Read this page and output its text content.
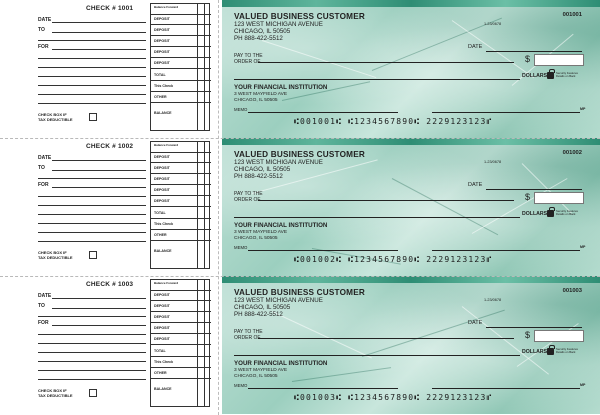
CHECK # 1001
DATE
TO
FOR
CHECK BOX IF
TAX DEDUCTIBLE
Balance Forward
DEPOSIT
DEPOSIT
DEPOSIT
DEPOSIT
DEPOSIT
TOTAL
This Check
OTHER
BALANCE
VALUED BUSINESS CUSTOMER
123 WEST MICHIGAN AVENUE
CHICAGO, IL 50505
PH 888-422-5512
1-23/0678
001001
DATE
PAY TO THE
ORDER OF	$
DOLLARS	Security Features Details on Back
YOUR FINANCIAL INSTITUTION
3 WEST MAYFIELD AVE
CHICAGO, IL 50505
MEMO	MP
⑆001001⑆ ⑆1234567890⑆ 2229123123⑈
CHECK # 1002
DATE
TO
FOR
CHECK BOX IF
TAX DEDUCTIBLE
Balance Forward
DEPOSIT
DEPOSIT
DEPOSIT
DEPOSIT
DEPOSIT
TOTAL
This Check
OTHER
BALANCE
VALUED BUSINESS CUSTOMER
123 WEST MICHIGAN AVENUE
CHICAGO, IL 50505
PH 888-422-5512
1-23/0678
001002
DATE
PAY TO THE
ORDER OF	$
DOLLARS	Security Features Details on Back
YOUR FINANCIAL INSTITUTION
3 WEST MAYFIELD AVE
CHICAGO, IL 50505
MEMO	MP
⑆001002⑆ ⑆1234567890⑆ 2229123123⑈
CHECK # 1003
DATE
TO
FOR
CHECK BOX IF
TAX DEDUCTIBLE
Balance Forward
DEPOSIT
DEPOSIT
DEPOSIT
DEPOSIT
DEPOSIT
TOTAL
This Check
OTHER
BALANCE
VALUED BUSINESS CUSTOMER
123 WEST MICHIGAN AVENUE
CHICAGO, IL 50505
PH 888-422-5512
1-23/0678
001003
DATE
PAY TO THE
ORDER OF	$
DOLLARS	Security Features Details on Back
YOUR FINANCIAL INSTITUTION
3 WEST MAYFIELD AVE
CHICAGO, IL 50505
MEMO	MP
⑆001003⑆ ⑆1234567890⑆ 2229123123⑈
